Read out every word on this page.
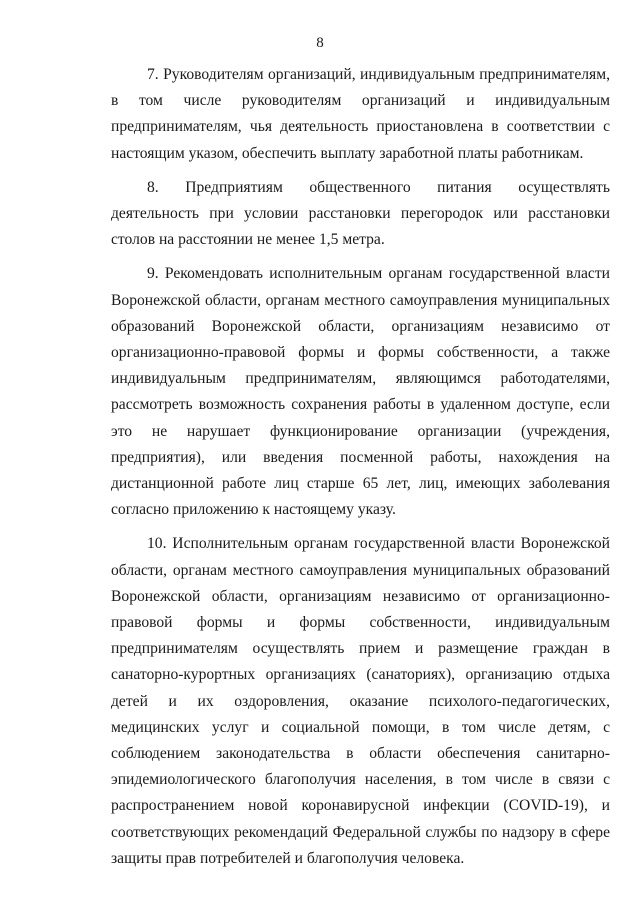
8

7. Руководителям организаций, индивидуальным предпринимателям, в том числе руководителям организаций и индивидуальным предпринимателям, чья деятельность приостановлена в соответствии с настоящим указом, обеспечить выплату заработной платы работникам.

8. Предприятиям общественного питания осуществлять деятельность при условии расстановки перегородок или расстановки столов на расстоянии не менее 1,5 метра.

9. Рекомендовать исполнительным органам государственной власти Воронежской области, органам местного самоуправления муниципальных образований Воронежской области, организациям независимо от организационно-правовой формы и формы собственности, а также индивидуальным предпринимателям, являющимся работодателями, рассмотреть возможность сохранения работы в удаленном доступе, если это не нарушает функционирование организации (учреждения, предприятия), или введения посменной работы, нахождения на дистанционной работе лиц старше 65 лет, лиц, имеющих заболевания согласно приложению к настоящему указу.

10. Исполнительным органам государственной власти Воронежской области, органам местного самоуправления муниципальных образований Воронежской области, организациям независимо от организационно-правовой формы и формы собственности, индивидуальным предпринимателям осуществлять прием и размещение граждан в санаторно-курортных организациях (санаториях), организацию отдыха детей и их оздоровления, оказание психолого-педагогических, медицинских услуг и социальной помощи, в том числе детям, с соблюдением законодательства в области обеспечения санитарно-эпидемиологического благополучия населения, в том числе в связи с распространением новой коронавирусной инфекции (COVID-19), и соответствующих рекомендаций Федеральной службы по надзору в сфере защиты прав потребителей и благополучия человека.
